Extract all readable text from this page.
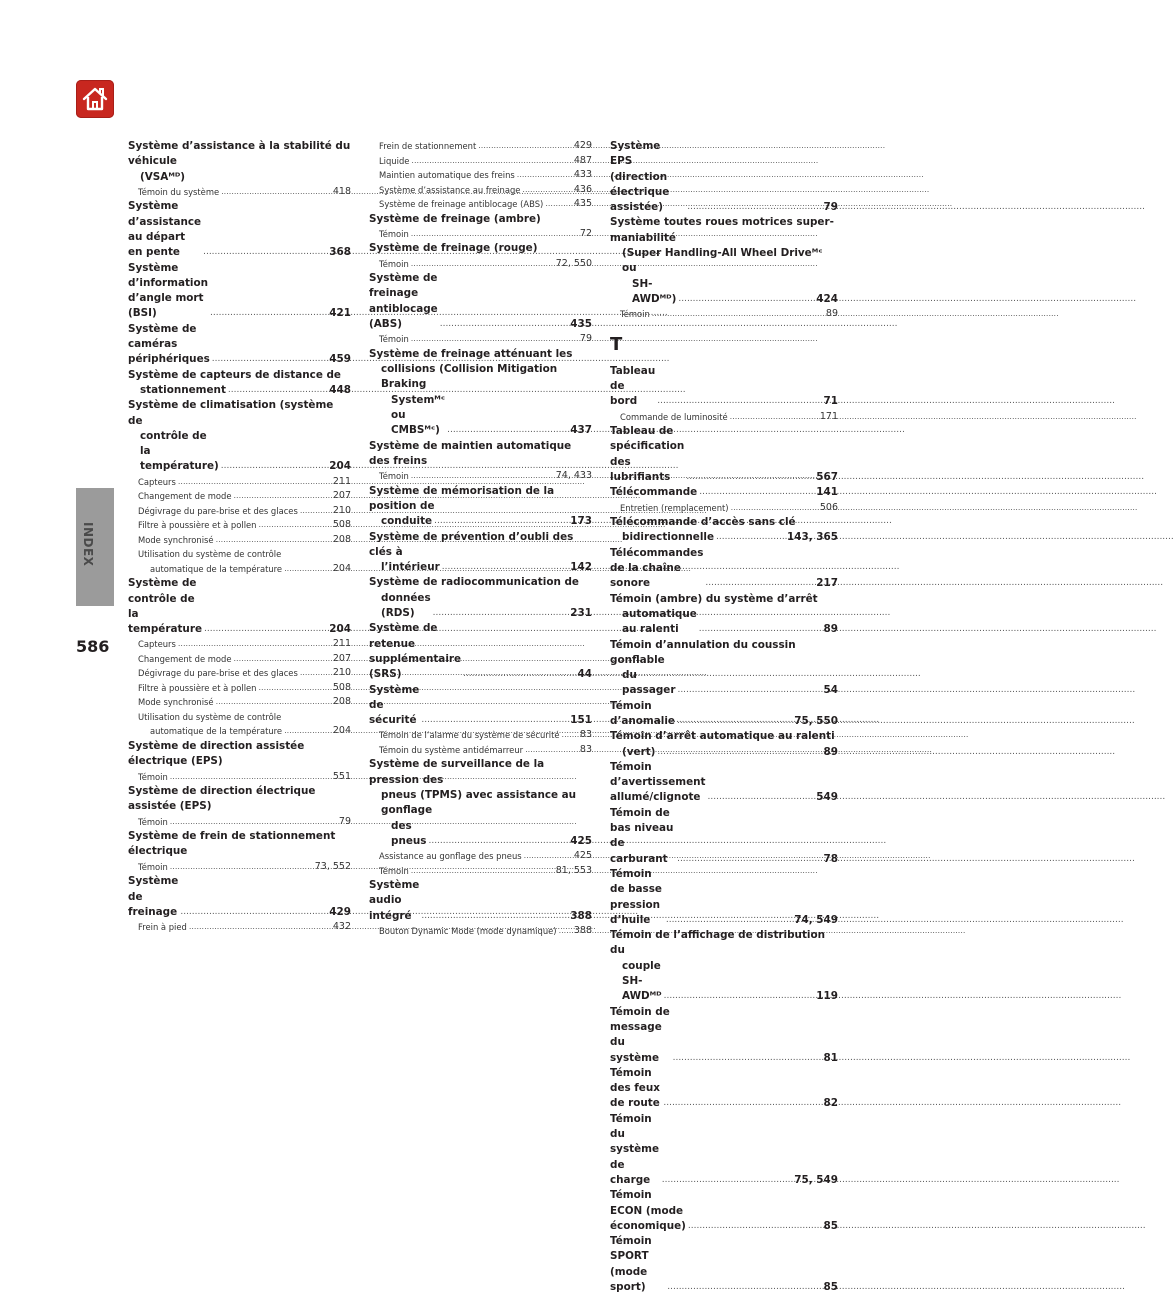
INDEX
586
Système d’assistance à la stabilité du véhicule
(VSAᴹᴰ)
Témoin du système .....	418
Système d’assistance au départ en pente .....	368
Système d’information d’angle mort (BSI) .....	421
Système de caméras périphériques .....	459
Système de capteurs de distance de
stationnement .....	448
Système de climatisation (système de
contrôle de la température) .....	204
Capteurs .....	211
Changement de mode .....	207
Dégivrage du pare-brise et des glaces .....	210
Filtre à poussière et à pollen .....	508
Mode synchronisé .....	208
Utilisation du système de contrôle
automatique de la température .....	204
Système de contrôle de la température .....	204
Capteurs .....	211
Changement de mode .....	207
Dégivrage du pare-brise et des glaces .....	210
Filtre à poussière et à pollen .....	508
Mode synchronisé .....	208
Utilisation du système de contrôle
automatique de la température .....	204
Système de direction assistée électrique (EPS)
Témoin .....	551
Système de direction électrique assistée (EPS)
Témoin .....	79
Système de frein de stationnement électrique
Témoin .....	73, 552
Système de freinage .....	429
Frein à pied .....	432
Frein de stationnement .....	429
Liquide .....	487
Maintien automatique des freins .....	433
Système d’assistance au freinage .....	436
Système de freinage antiblocage (ABS) .....	435
Système de freinage (ambre)
Témoin .....	72
Système de freinage (rouge)
Témoin .....	72, 550
Système de freinage antiblocage (ABS) .....	435
Témoin .....	79
Système de freinage atténuant les
collisions (Collision Mitigation Braking
Systemᴹᶜ ou CMBSᴹᶜ) .....	437
Système de maintien automatique des freins
Témoin .....	74, 433
Système de mémorisation de la position de
conduite .....	173
Système de prévention d’oubli des clés à
l’intérieur .....	142
Système de radiocommunication de
données (RDS) .....	231
Système de retenue supplémentaire (SRS) .....	44
Système de sécurité .....	151
Témoin de l’alarme du système de sécurité ..... 83
Témoin du système antidémarreur .....	83
Système de surveillance de la pression des
pneus (TPMS) avec assistance au gonflage
des pneus .....	425
Assistance au gonflage des pneus .....	425
Témoin .....	81, 553
Système audio intégré .....	388
Bouton Dynamic Mode (mode dynamique) ..... 388
Système EPS (direction électrique assistée) .....	79
Système toutes roues motrices super-maniabilité
(Super Handling-All Wheel Driveᴹᶜ ou
SH-AWDᴹᴰ) .....	424
Témoin .....	89
T
Tableau de bord .....	71
Commande de luminosité .....	171
Tableau de spécification des lubrifiants .....	567
Télécommande .....	141
Entretien (remplacement) .....	506
Télécommande d’accès sans clé
bidirectionnelle .....	143, 365
Télécommandes de la chaîne sonore .....	217
Témoin (ambre) du système d’arrêt
automatique au ralenti .....	89
Témoin d’annulation du coussin gonflable
du passager .....	54
Témoin d’anomalie .....	75, 550
Témoin d’arrêt automatique au ralenti
(vert) .....	89
Témoin d’avertissement allumé/clignote .....	549
Témoin de bas niveau de carburant .....	78
Témoin de basse pression d’huile .....	74, 549
Témoin de l’affichage de distribution du
couple SH-AWDᴹᴰ .....	119
Témoin de message du système .....	81
Témoin des feux de route .....	82
Témoin du système de charge .....	75, 549
Témoin ECON (mode économique) .....	85
Témoin SPORT (mode sport) .....	85
